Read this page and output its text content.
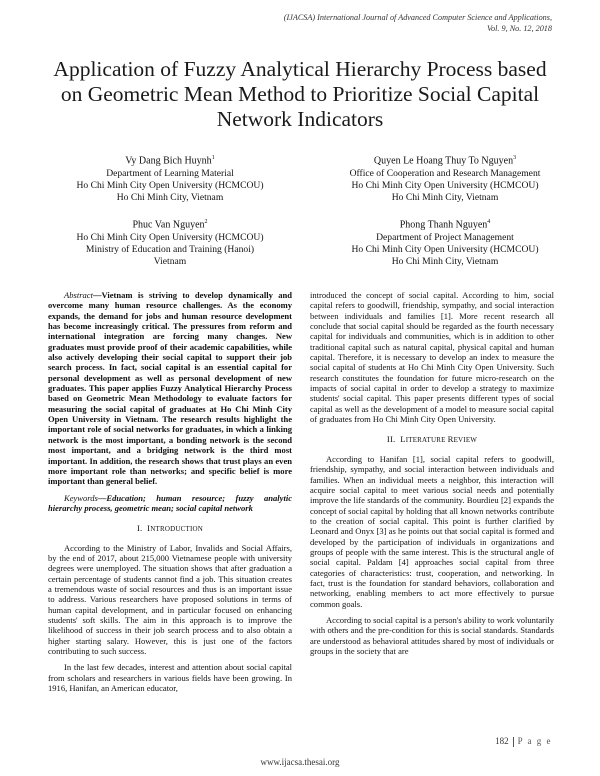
(IJACSA) International Journal of Advanced Computer Science and Applications,
Vol. 9, No. 12, 2018
Application of Fuzzy Analytical Hierarchy Process based on Geometric Mean Method to Prioritize Social Capital Network Indicators
Vy Dang Bich Huynh$^1$
Department of Learning Material
Ho Chi Minh City Open University (HCMCOU)
Ho Chi Minh City, Vietnam
Quyen Le Hoang Thuy To Nguyen$^3$
Office of Cooperation and Research Management
Ho Chi Minh City Open University (HCMCOU)
Ho Chi Minh City, Vietnam
Phuc Van Nguyen$^2$
Ho Chi Minh City Open University (HCMCOU)
Ministry of Education and Training (Hanoi)
Vietnam
Phong Thanh Nguyen$^4$
Department of Project Management
Ho Chi Minh City Open University (HCMCOU)
Ho Chi Minh City, Vietnam

Abstract—Vietnam is striving to develop dynamically and overcome many human resource challenges. As the economy expands, the demand for jobs and human resource development has become increasingly critical. The pressures from reform and international integration are forcing many changes. New graduates must provide proof of their academic capabilities, while also actively developing their social capital to support their job search process. In fact, social capital is an essential capital for personal development as well as personal development of new graduates. This paper applies Fuzzy Analytical Hierarchy Process based on Geometric Mean Methodology to evaluate factors for measuring the social capital of graduates at Ho Chi Minh City Open University in Vietnam. The research results highlight the important role of social networks for graduates, in which a linking network is the most important, a bonding network is the second most important, and a bridging network is the third most important. In addition, the research shows that trust plays an even more important role than networks; and specific belief is more important than general belief.

Keywords—Education; human resource; fuzzy analytic hierarchy process, geometric mean; social capital network

I. INTRODUCTION

According to the Ministry of Labor, Invalids and Social Affairs, by the end of 2017, about 215,000 Vietnamese people with university degrees were unemployed. The situation shows that after graduation a certain percentage of students cannot find a job. This situation creates a tremendous waste of social resources and thus is an important issue to address. Various researchers have proposed solutions in terms of human capital development, and in particular focused on enhancing students' soft skills. The aim in this approach is to improve the likelihood of success in their job search process and to also obtain a higher starting salary. However, this is just one of the factors contributing to such success.

In the last few decades, interest and attention about social capital from scholars and researchers in various fields have been growing. In 1916, Hanifan, an American educator,

introduced the concept of social capital. According to him, social capital refers to goodwill, friendship, sympathy, and social interaction between individuals and families [1]. More recent research all conclude that social capital should be regarded as the fourth necessary capital for individuals and communities, which is in addition to other traditional capital such as natural capital, physical capital and human capital. Therefore, it is necessary to develop an index to measure the social capital of students at Ho Chi Minh City Open University. Such research constitutes the foundation for future micro-research on the impacts of social capital in order to develop a strategy to maximize students' social capital. This paper presents different types of social capital as well as the development of a model to measure social capital of graduates from Ho Chi Minh City Open University.

II. LITERATURE REVIEW

According to Hanifan [1], social capital refers to goodwill, friendship, sympathy, and social interaction between individuals and families. When an individual meets a neighbor, this interaction will acquire social capital to meet various social needs and potentially improve the life standards of the community. Bourdieu [2] expands the concept of social capital by holding that all known networks contribute to the creation of social capital. This point is further clarified by Leonard and Onyx [3] as he points out that social capital is formed and developed by the participation of individuals in organizations and groups of people with the same interest. This is the structural angle of social capital. Paldam [4] approaches social capital from three categories of characteristics: trust, cooperation, and networking. In fact, trust is the foundation for standard behaviors, collaboration and networking, enabling members to act more effectively to pursue common goals.

According to social capital is a person's ability to work voluntarily with others and the pre-condition for this is social standards. Standards are understood as behavioral attitudes shared by most of individuals or groups in the society that are

182 P a g e
www.ijacsa.thesai.org
